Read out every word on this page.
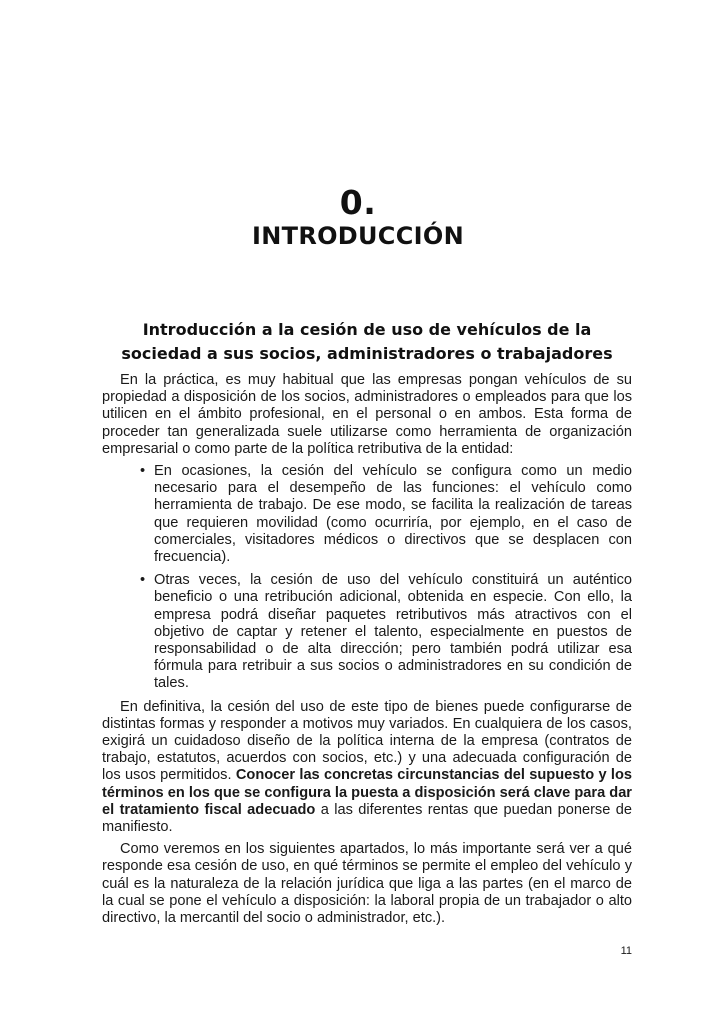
0.
INTRODUCCIÓN
Introducción a la cesión de uso de vehículos de la
sociedad a sus socios, administradores o trabajadores

En la práctica, es muy habitual que las empresas pongan vehículos de su propiedad a disposición de los socios, administradores o empleados para que los utilicen en el ámbito profesional, en el personal o en ambos. Esta forma de proceder tan generalizada suele utilizarse como herramienta de organización empresarial o como parte de la política retributiva de la entidad:

• En ocasiones, la cesión del vehículo se configura como un medio necesario para el desempeño de las funciones: el vehículo como herramienta de trabajo. De ese modo, se facilita la realización de tareas que requieren movilidad (como ocurriría, por ejemplo, en el caso de comerciales, visitadores médicos o directivos que se desplacen con frecuencia).
• Otras veces, la cesión de uso del vehículo constituirá un auténtico beneficio o una retribución adicional, obtenida en especie. Con ello, la empresa podrá diseñar paquetes retributivos más atractivos con el objetivo de captar y retener el talento, especialmente en puestos de responsabilidad o de alta dirección; pero también podrá utilizar esa fórmula para retribuir a sus socios o administradores en su condición de tales.

En definitiva, la cesión del uso de este tipo de bienes puede configurarse de distintas formas y responder a motivos muy variados. En cualquiera de los casos, exigirá un cuidadoso diseño de la política interna de la empresa (contratos de trabajo, estatutos, acuerdos con socios, etc.) y una adecuada configuración de los usos permitidos. Conocer las concretas circunstancias del supuesto y los términos en los que se configura la puesta a disposición será clave para dar el tratamiento fiscal adecuado a las diferentes rentas que puedan ponerse de manifiesto.

Como veremos en los siguientes apartados, lo más importante será ver a qué responde esa cesión de uso, en qué términos se permite el empleo del vehículo y cuál es la naturaleza de la relación jurídica que liga a las partes (en el marco de la cual se pone el vehículo a disposición: la laboral propia de un trabajador o alto directivo, la mercantil del socio o administrador, etc.).

11
